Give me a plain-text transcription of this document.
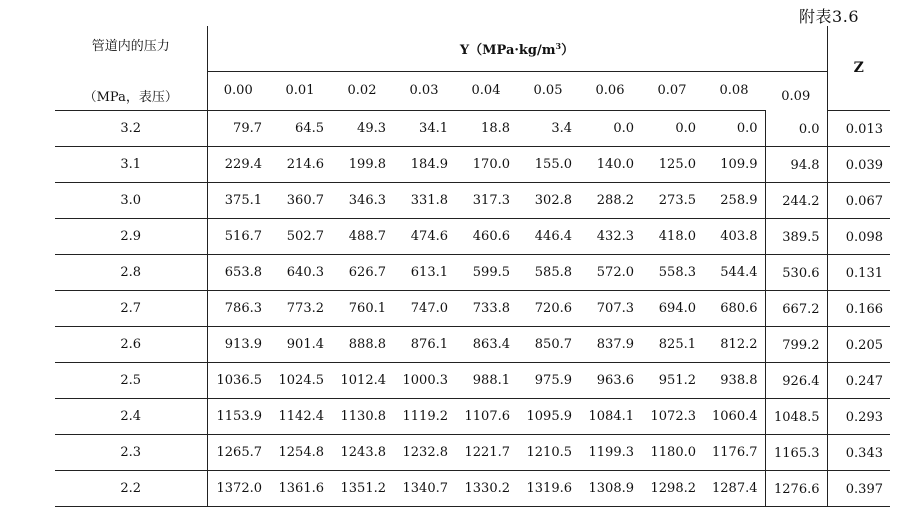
附表3.6
管道内的压力
（MPa，表压）	$Y(MPa\cdot kg/m^3)$										Z
	0.00	0.01	0.02	0.03	0.04	0.05	0.06	0.07	0.08	0.09	
3.2	79.7	64.5	49.3	34.1	18.8	3.4	0.0	0.0	0.0	0.0	0.013
3.1	229.4	214.6	199.8	184.9	170.0	155.0	140.0	125.0	109.9	94.8	0.039
3.0	375.1	360.7	346.3	331.8	317.3	302.8	288.2	273.5	258.9	244.2	0.067
2.9	516.7	502.7	488.7	474.6	460.6	446.4	432.3	418.0	403.8	389.5	0.098
2.8	653.8	640.3	626.7	613.1	599.5	585.8	572.0	558.3	544.4	530.6	0.131
2.7	786.3	773.2	760.1	747.0	733.8	720.6	707.3	694.0	680.6	667.2	0.166
2.6	913.9	901.4	888.8	876.1	863.4	850.7	837.9	825.1	812.2	799.2	0.205
2.5	1036.5	1024.5	1012.4	1000.3	988.1	975.9	963.6	951.2	938.8	926.4	0.247
2.4	1153.9	1142.4	1130.8	1119.2	1107.6	1095.9	1084.1	1072.3	1060.4	1048.5	0.293
2.3	1265.7	1254.8	1243.8	1232.8	1221.7	1210.5	1199.3	1180.0	1176.7	1165.3	0.343
2.2	1372.0	1361.6	1351.2	1340.7	1330.2	1319.6	1308.9	1298.2	1287.4	1276.6	0.397
